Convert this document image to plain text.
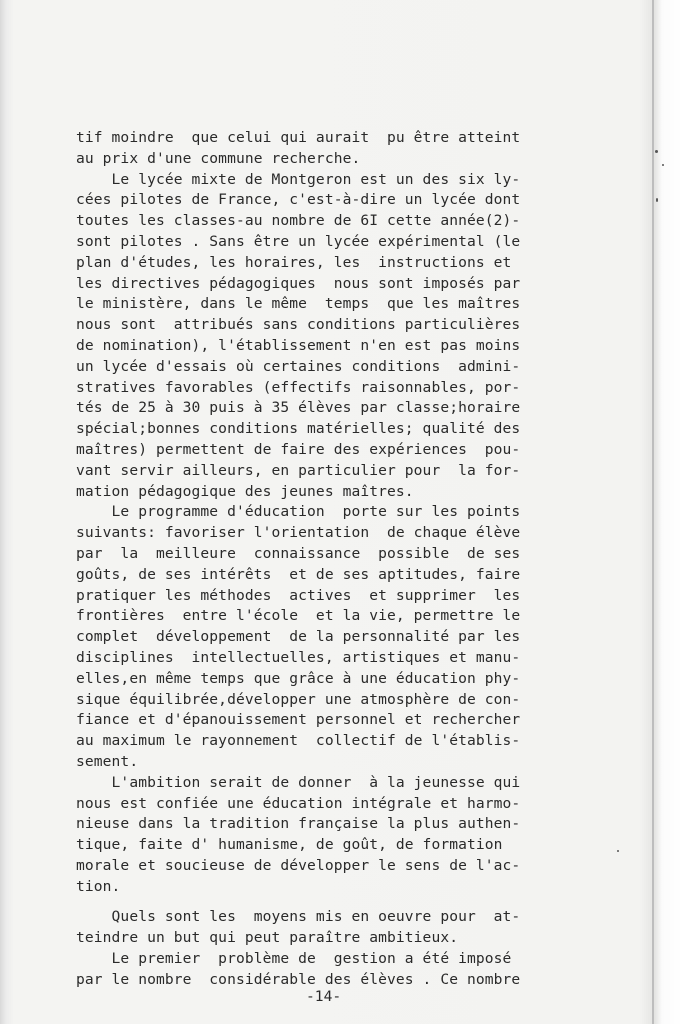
tif moindre  que celui qui aurait  pu être atteint
au prix d'une commune recherche.
Le lycée mixte de Montgeron est un des six ly-
cées pilotes de France, c'est-à-dire un lycée dont
toutes les classes-au nombre de 6I cette année(2)-
sont pilotes . Sans être un lycée expérimental (le
plan d'études, les horaires, les  instructions et
les directives pédagogiques  nous sont imposés par
le ministère, dans le même  temps  que les maîtres
nous sont  attribués sans conditions particulières
de nomination), l'établissement n'en est pas moins
un lycée d'essais où certaines conditions  admini-
stratives favorables (effectifs raisonnables, por-
tés de 25 à 30 puis à 35 élèves par classe;horaire
spécial;bonnes conditions matérielles; qualité des
maîtres) permettent de faire des expériences  pou-
vant servir ailleurs, en particulier pour  la for-
mation pédagogique des jeunes maîtres.
Le programme d'éducation  porte sur les points
suivants: favoriser l'orientation  de chaque élève
par  la  meilleure  connaissance  possible  de ses
goûts, de ses intérêts  et de ses aptitudes, faire
pratiquer les méthodes  actives  et supprimer  les
frontières  entre l'école  et la vie, permettre le
complet  développement  de la personnalité par les
disciplines  intellectuelles, artistiques et manu-
elles,en même temps que grâce à une éducation phy-
sique équilibrée,développer une atmosphère de con-
fiance et d'épanouissement personnel et rechercher
au maximum le rayonnement  collectif de l'établis-
sement.
L'ambition serait de donner  à la jeunesse qui
nous est confiée une éducation intégrale et harmo-
nieuse dans la tradition française la plus authen-
tique, faite d' humanisme, de goût, de formation
morale et soucieuse de développer le sens de l'ac-
tion.
Quels sont les  moyens mis en oeuvre pour  at-
teindre un but qui peut paraître ambitieux.
Le premier  problème de  gestion a été imposé
par le nombre  considérable des élèves . Ce nombre
-14-
